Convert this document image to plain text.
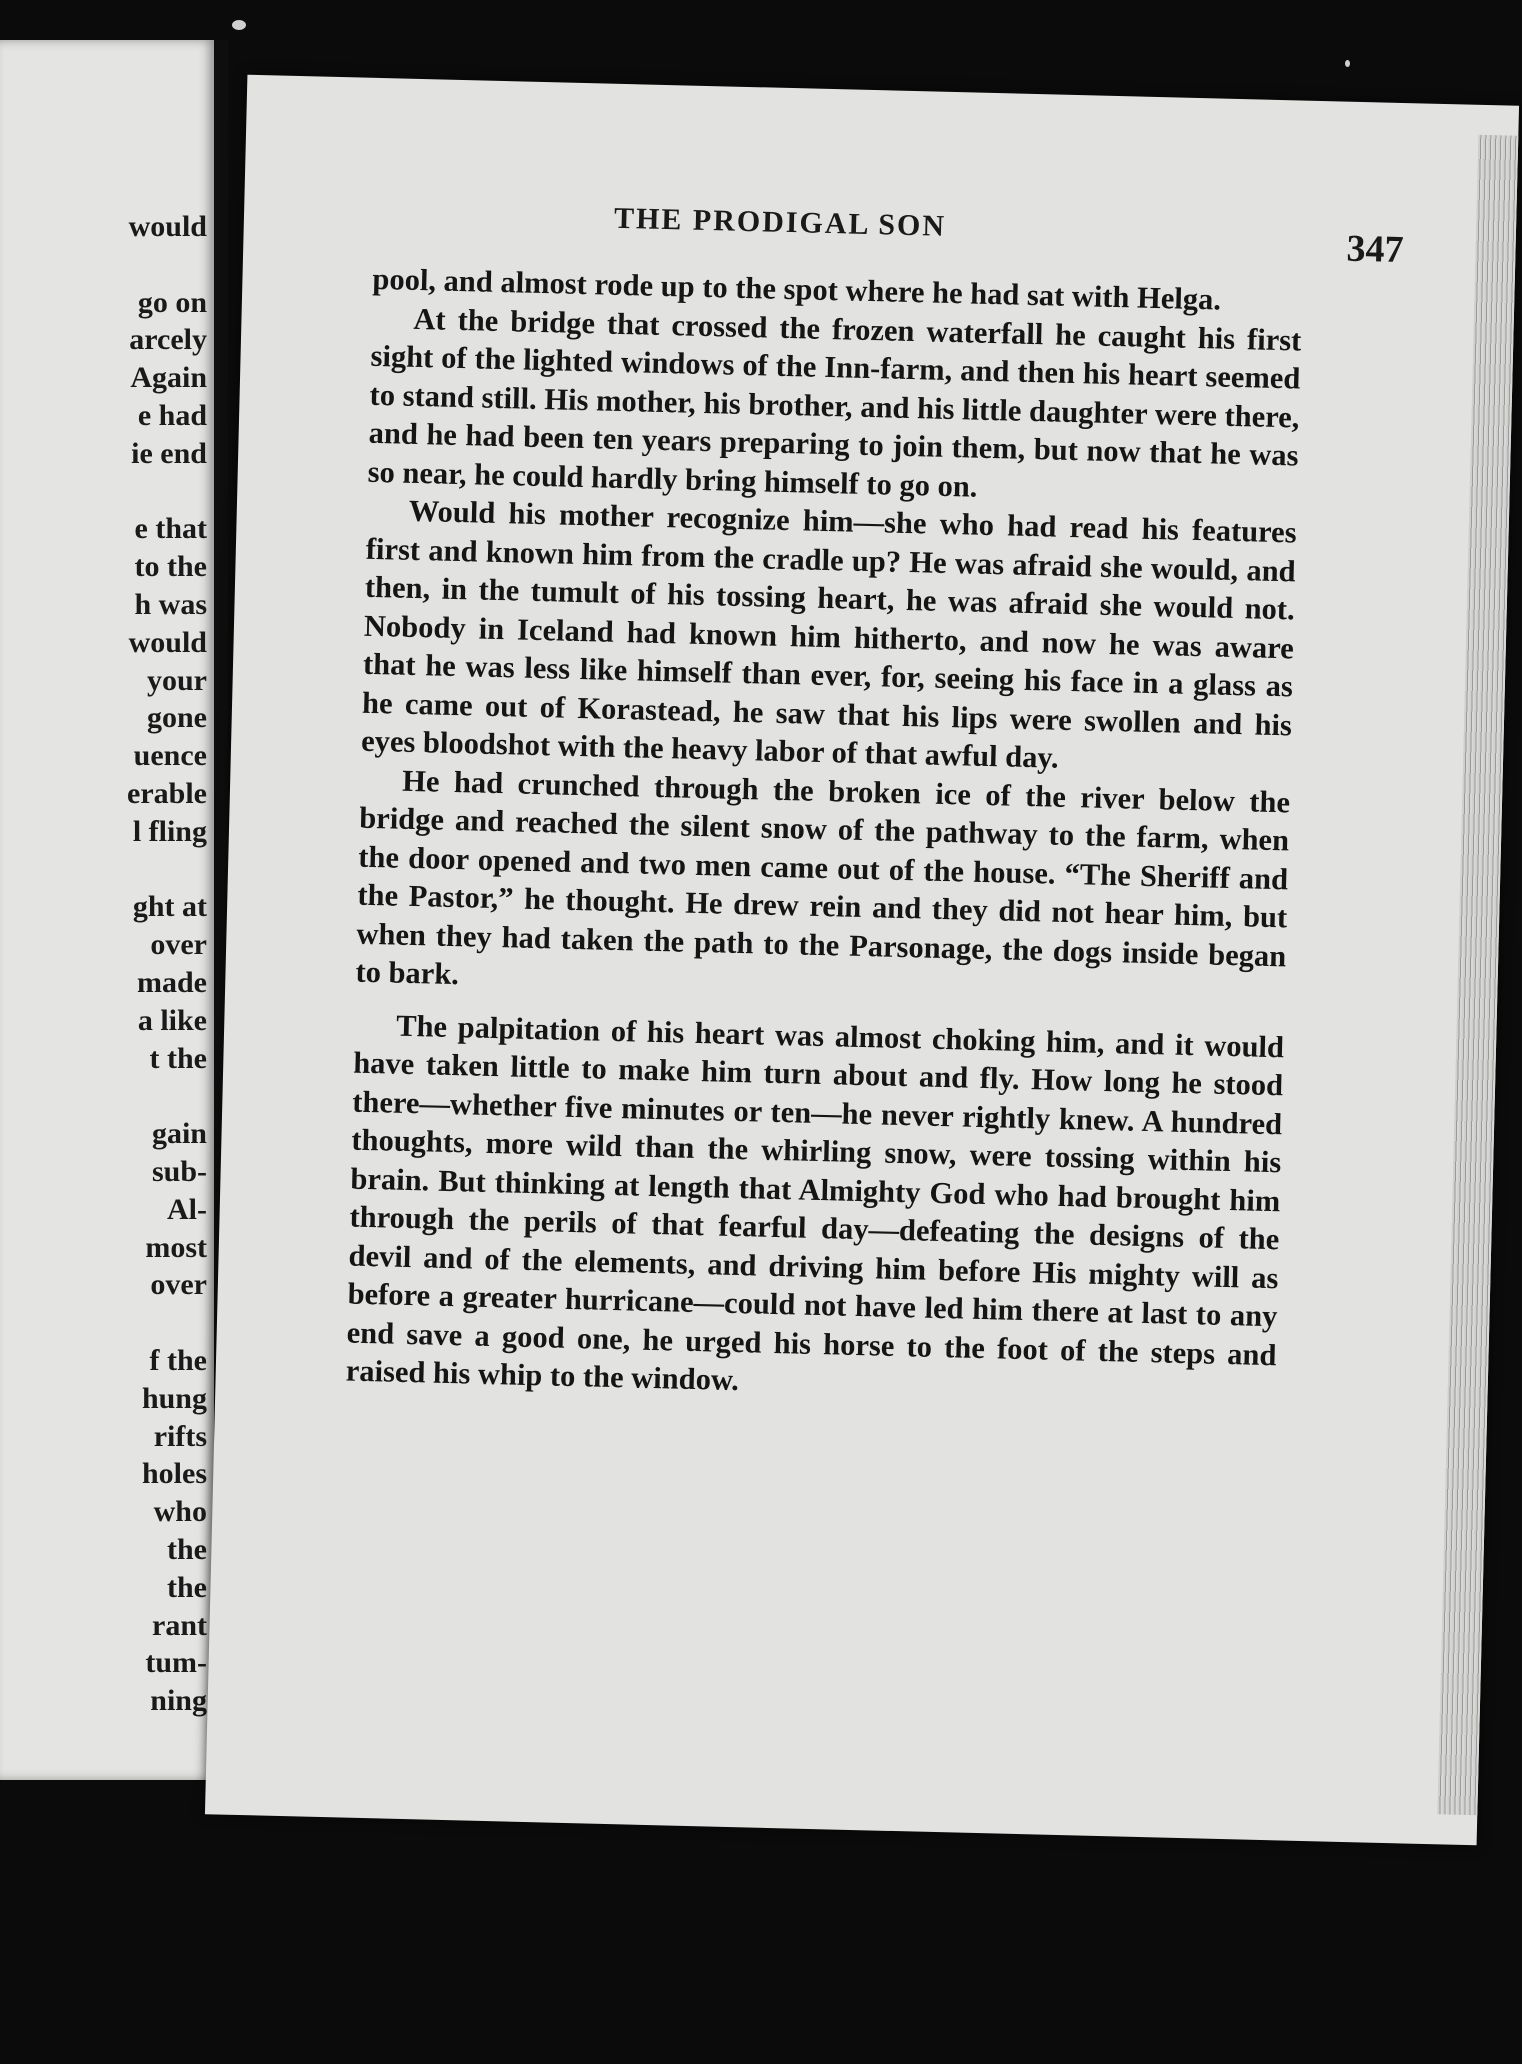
would
go on
arcely
Again
e had
ie end
e that
to the
h was
would
your
gone
uence
erable
l fling
ght at
over
made
a like
t the
gain
sub-
Al-
most
over
f the
hung
rifts
holes
who
the
the
rant
tum-
ning
THE PRODIGAL SON
347

pool, and almost rode up to the spot where he had sat with Helga.

At the bridge that crossed the frozen waterfall he caught his first sight of the lighted windows of the Inn-farm, and then his heart seemed to stand still. His mother, his brother, and his little daughter were there, and he had been ten years preparing to join them, but now that he was so near, he could hardly bring himself to go on.

Would his mother recognize him—she who had read his features first and known him from the cradle up? He was afraid she would, and then, in the tumult of his tossing heart, he was afraid she would not. Nobody in Iceland had known him hitherto, and now he was aware that he was less like himself than ever, for, seeing his face in a glass as he came out of Korastead, he saw that his lips were swollen and his eyes bloodshot with the heavy labor of that awful day.

He had crunched through the broken ice of the river below the bridge and reached the silent snow of the pathway to the farm, when the door opened and two men came out of the house. “The Sheriff and the Pastor,” he thought. He drew rein and they did not hear him, but when they had taken the path to the Parsonage, the dogs inside began to bark.

The palpitation of his heart was almost choking him, and it would have taken little to make him turn about and fly. How long he stood there—whether five minutes or ten—he never rightly knew. A hundred thoughts, more wild than the whirling snow, were tossing within his brain. But thinking at length that Almighty God who had brought him through the perils of that fearful day—defeating the designs of the devil and of the elements, and driving him before His mighty will as before a greater hurricane—could not have led him there at last to any end save a good one, he urged his horse to the foot of the steps and raised his whip to the window.
